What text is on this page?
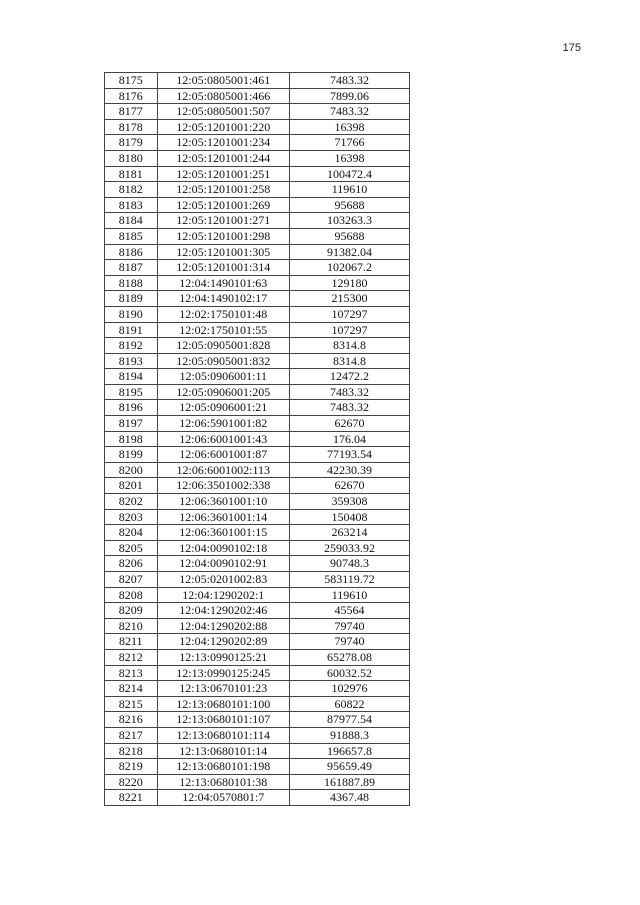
175
8175	12:05:0805001:461	7483.32
8176	12:05:0805001:466	7899.06
8177	12:05:0805001:507	7483.32
8178	12:05:1201001:220	16398
8179	12:05:1201001:234	71766
8180	12:05:1201001:244	16398
8181	12:05:1201001:251	100472.4
8182	12:05:1201001:258	119610
8183	12:05:1201001:269	95688
8184	12:05:1201001:271	103263.3
8185	12:05:1201001:298	95688
8186	12:05:1201001:305	91382.04
8187	12:05:1201001:314	102067.2
8188	12:04:1490101:63	129180
8189	12:04:1490102:17	215300
8190	12:02:1750101:48	107297
8191	12:02:1750101:55	107297
8192	12:05:0905001:828	8314.8
8193	12:05:0905001:832	8314.8
8194	12:05:0906001:11	12472.2
8195	12:05:0906001:205	7483.32
8196	12:05:0906001:21	7483.32
8197	12:06:5901001:82	62670
8198	12:06:6001001:43	176.04
8199	12:06:6001001:87	77193.54
8200	12:06:6001002:113	42230.39
8201	12:06:3501002:338	62670
8202	12:06:3601001:10	359308
8203	12:06:3601001:14	150408
8204	12:06:3601001:15	263214
8205	12:04:0090102:18	259033.92
8206	12:04:0090102:91	90748.3
8207	12:05:0201002:83	583119.72
8208	12:04:1290202:1	119610
8209	12:04:1290202:46	45564
8210	12:04:1290202:88	79740
8211	12:04:1290202:89	79740
8212	12:13:0990125:21	65278.08
8213	12:13:0990125:245	60032.52
8214	12:13:0670101:23	102976
8215	12:13:0680101:100	60822
8216	12:13:0680101:107	87977.54
8217	12:13:0680101:114	91888.3
8218	12:13:0680101:14	196657.8
8219	12:13:0680101:198	95659.49
8220	12:13:0680101:38	161887.89
8221	12:04:0570801:7	4367.48
